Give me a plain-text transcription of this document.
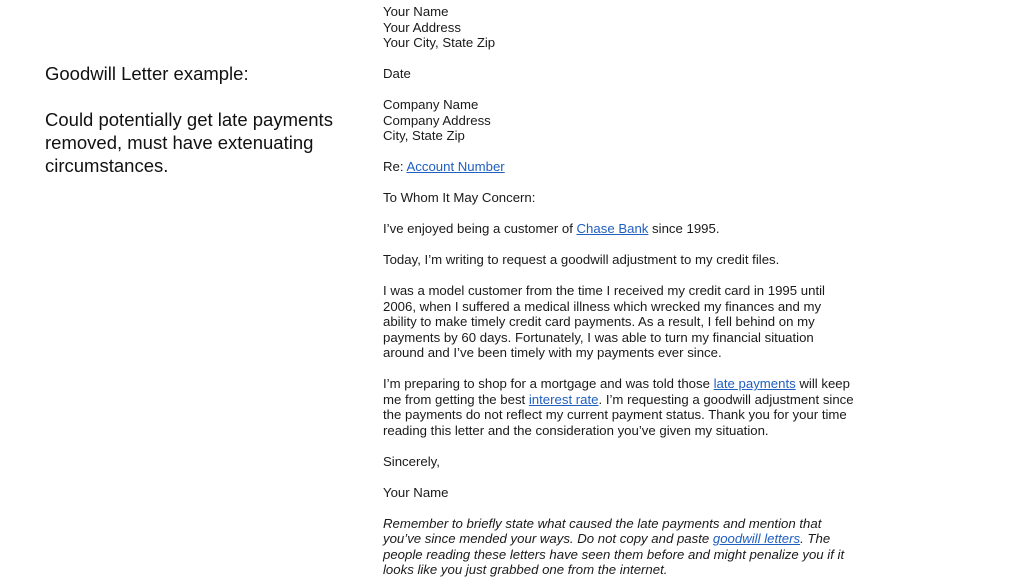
Goodwill Letter example:

Could potentially get late payments

removed, must have extenuating

circumstances.

Your Name
Your Address
Your City, State Zip
Date
Company Name
Company Address
City, State Zip
Re: Account Number
To Whom It May Concern:
I’ve enjoyed being a customer of Chase Bank since 1995.
Today, I’m writing to request a goodwill adjustment to my credit files.
I was a model customer from the time I received my credit card in 1995 until
2006, when I suffered a medical illness which wrecked my finances and my
ability to make timely credit card payments. As a result, I fell behind on my
payments by 60 days. Fortunately, I was able to turn my financial situation
around and I’ve been timely with my payments ever since.
I’m preparing to shop for a mortgage and was told those late payments will keep
me from getting the best interest rate. I’m requesting a goodwill adjustment since
the payments do not reflect my current payment status. Thank you for your time
reading this letter and the consideration you’ve given my situation.
Sincerely,
Your Name
Remember to briefly state what caused the late payments and mention that
you’ve since mended your ways. Do not copy and paste goodwill letters. The
people reading these letters have seen them before and might penalize you if it
looks like you just grabbed one from the internet.
